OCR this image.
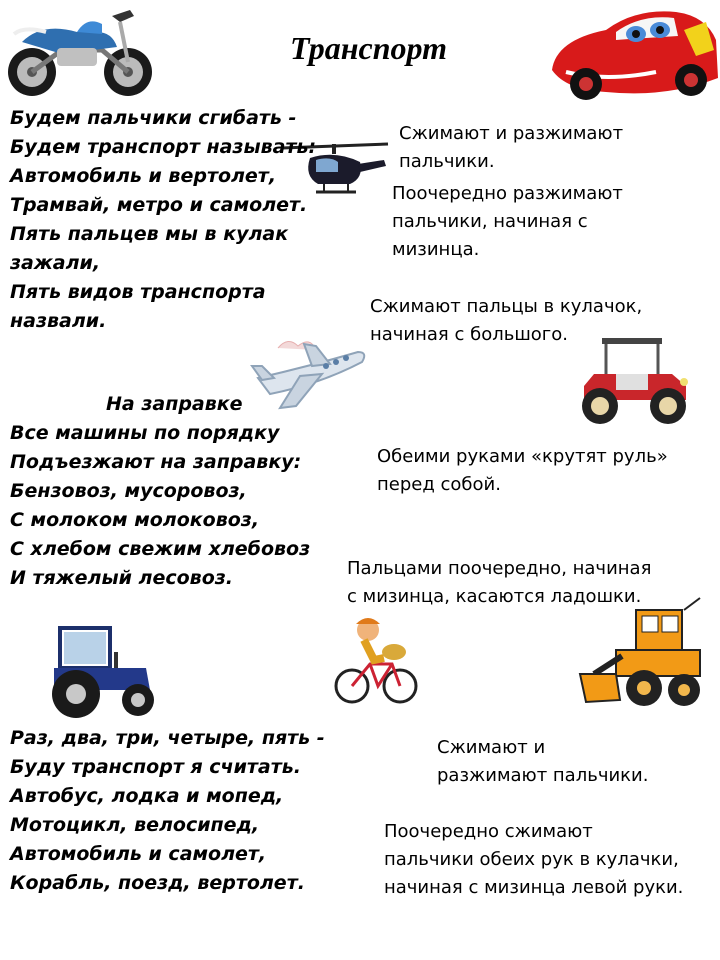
Транспорт
Будем пальчики сгибать -
Будем транспорт называть:
Автомобиль и вертолет,
Трамвай, метро и самолет.
Пять пальцев мы в кулак
зажали,
Пять видов транспорта
назвали.
На заправке
Все машины по порядку
Подъезжают на заправку:
Бензовоз, мусоровоз,
С молоком молоковоз,
С хлебом свежим хлебовоз
И тяжелый лесовоз.
Раз, два, три, четыре, пять -
Буду транспорт я считать.
Автобус, лодка и мопед,
Мотоцикл, велосипед,
Автомобиль и самолет,
Корабль, поезд, вертолет.
Сжимают и разжимают
пальчики.
Поочередно разжимают
пальчики, начиная с
мизинца.
Сжимают пальцы в кулачок,
начиная с большого.
Обеими руками «крутят руль»
перед собой.
Пальцами поочередно, начиная
с мизинца, касаются ладошки.
Сжимают и
разжимают пальчики.
Поочередно сжимают
пальчики обеих рук в кулачки,
начиная с мизинца левой руки.
